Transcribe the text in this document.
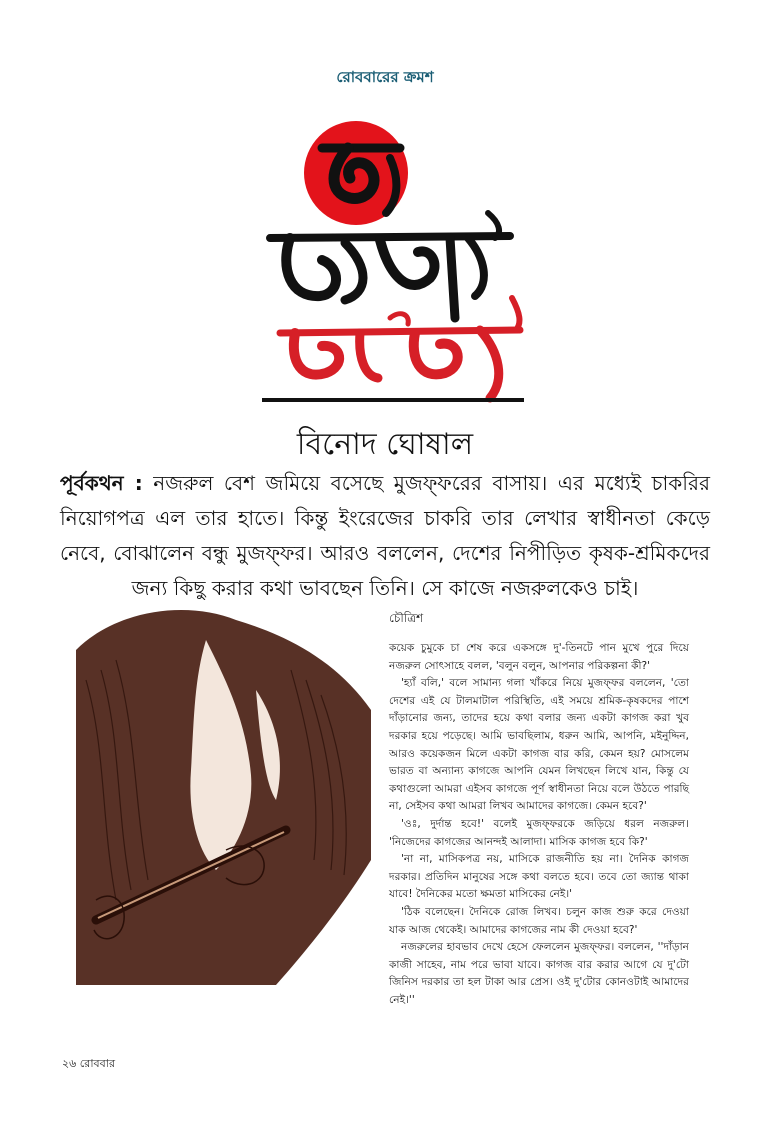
রোববারের ক্রমশ
বিনোদ ঘোষাল
পূর্বকথন : নজরুল বেশ জমিয়ে বসেছে মুজফ্ফরের বাসায়। এর মধ্যেই চাকরির নিয়োগপত্র এল তার হাতে। কিন্তু ইংরেজের চাকরি তার লেখার স্বাধীনতা কেড়ে নেবে, বোঝালেন বন্ধু মুজফ্ফর। আরও বললেন, দেশের নিপীড়িত কৃষক-শ্রমিকদের জন্য কিছু করার কথা ভাবছেন তিনি। সে কাজে নজরুলকেও চাই।
চৌত্রিশ

কয়েক চুমুকে চা শেষ করে একসঙ্গে দু'-তিনটে পান মুখে পুরে দিয়ে নজরুল সোৎসাহে বলল, 'বলুন বলুন, আপনার পরিকল্পনা কী?'

'হ্যাঁ বলি,' বলে সামান্য গলা খাঁকরে নিয়ে মুজফ্ফর বললেন, 'তো দেশের এই যে টালমাটাল পরিস্থিতি, এই সময়ে শ্রমিক-কৃষকদের পাশে দাঁড়ানোর জন্য, তাদের হয়ে কথা বলার জন্য একটা কাগজ করা খুব দরকার হয়ে পড়েছে। আমি ভাবছিলাম, ধরুন আমি, আপনি, মইনুদ্দিন, আরও কয়েকজন মিলে একটা কাগজ বার করি, কেমন হয়? মোসলেম ভারত বা অন্যান্য কাগজে আপনি যেমন লিখছেন লিখে যান, কিন্তু যে কথাগুলো আমরা এইসব কাগজে পূর্ণ স্বাধীনতা নিয়ে বলে উঠতে পারছি না, সেইসব কথা আমরা লিখব আমাদের কাগজে। কেমন হবে?'

'ওঃ, দুর্দান্ত হবে!' বলেই মুজফ্ফরকে জড়িয়ে ধরল নজরুল। 'নিজেদের কাগজের আনন্দই আলাদা। মাসিক কাগজ হবে কি?'

'না না, মাসিকপত্র নয়, মাসিকে রাজনীতি হয় না। দৈনিক কাগজ দরকার। প্রতিদিন মানুষের সঙ্গে কথা বলতে হবে। তবে তো জ্যান্ত থাকা যাবে! দৈনিকের মতো ক্ষমতা মাসিকের নেই।'

'ঠিক বলেছেন। দৈনিকে রোজ লিখব। চলুন কাজ শুরু করে দেওয়া যাক আজ থেকেই। আমাদের কাগজের নাম কী দেওয়া হবে?'

নজরুলের হাবভাব দেখে হেসে ফেললেন মুজফ্ফর। বললেন, ''দাঁড়ান কাজী সাহেব, নাম পরে ভাবা যাবে। কাগজ বার করার আগে যে দু'টো জিনিস দরকার তা হল টাকা আর প্রেস। ওই দু'টোর কোনওটাই আমাদের নেই।''

২৬ রোববার
